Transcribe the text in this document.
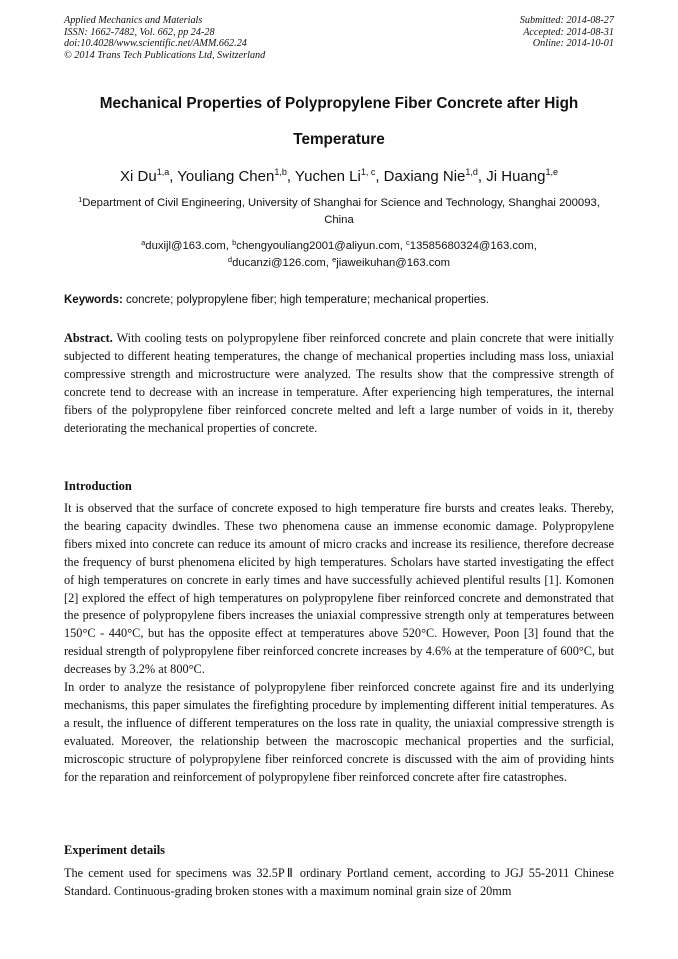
Applied Mechanics and Materials
ISSN: 1662-7482, Vol. 662, pp 24-28
doi:10.4028/www.scientific.net/AMM.662.24
© 2014 Trans Tech Publications Ltd, Switzerland
Submitted: 2014-08-27
Accepted: 2014-08-31
Online: 2014-10-01
Mechanical Properties of Polypropylene Fiber Concrete after High
Temperature
Xi Du$^{1,a}$, Youliang Chen$^{1,b}$, Yuchen Li$^{1, c}$, Daxiang Nie$^{1,d}$, Ji Huang$^{1,e}$
$^1$Department of Civil Engineering, University of Shanghai for Science and Technology, Shanghai 200093, China
$^a$duxijl@163.com, $^b$chengyouliang2001@aliyun.com, $^c$13585680324@163.com,
$^d$ducanzi@126.com, $^e$jiaweikuhan@163.com
Keywords: concrete; polypropylene fiber; high temperature; mechanical properties.

Abstract. With cooling tests on polypropylene fiber reinforced concrete and plain concrete that were initially subjected to different heating temperatures, the change of mechanical properties including mass loss, uniaxial compressive strength and microstructure were analyzed. The results show that the compressive strength of concrete tend to decrease with an increase in temperature. After experiencing high temperatures, the internal fibers of the polypropylene fiber reinforced concrete melted and left a large number of voids in it, thereby deteriorating the mechanical properties of concrete.

Introduction

It is observed that the surface of concrete exposed to high temperature fire bursts and creates leaks. Thereby, the bearing capacity dwindles. These two phenomena cause an immense economic damage. Polypropylene fibers mixed into concrete can reduce its amount of micro cracks and increase its resilience, therefore decrease the frequency of burst phenomena elicited by high temperatures. Scholars have started investigating the effect of high temperatures on concrete in early times and have successfully achieved plentiful results [1]. Komonen [2] explored the effect of high temperatures on polypropylene fiber reinforced concrete and demonstrated that the presence of polypropylene fibers increases the uniaxial compressive strength only at temperatures between 150°C - 440°C, but has the opposite effect at temperatures above 520°C. However, Poon [3] found that the residual strength of polypropylene fiber reinforced concrete increases by 4.6% at the temperature of 600°C, but decreases by 3.2% at 800°C.

In order to analyze the resistance of polypropylene fiber reinforced concrete against fire and its underlying mechanisms, this paper simulates the firefighting procedure by implementing different initial temperatures. As a result, the influence of different temperatures on the loss rate in quality, the uniaxial compressive strength is evaluated. Moreover, the relationship between the macroscopic mechanical properties and the surficial, microscopic structure of polypropylene fiber reinforced concrete is discussed with the aim of providing hints for the reparation and reinforcement of polypropylene fiber reinforced concrete after fire catastrophes.

Experiment details

The cement used for specimens was 32.5PⅡ ordinary Portland cement, according to JGJ 55-2011 Chinese Standard. Continuous-grading broken stones with a maximum nominal grain size of 20mm
